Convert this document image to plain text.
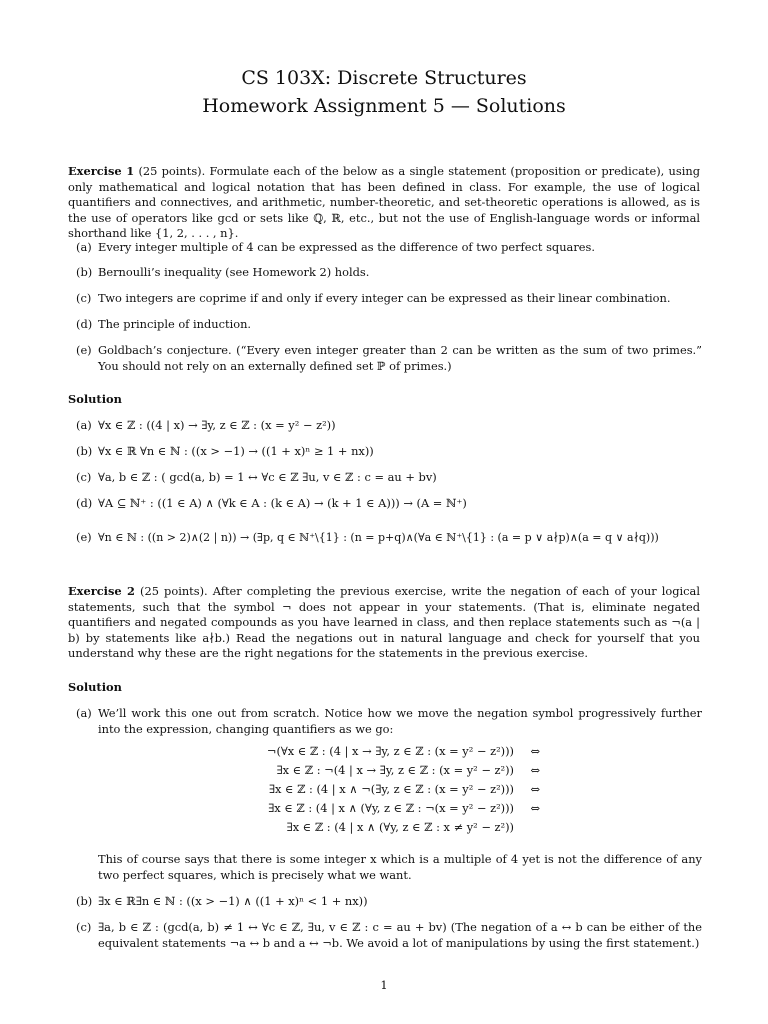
CS 103X: Discrete Structures
Homework Assignment 5 — Solutions

Exercise 1 (25 points). Formulate each of the below as a single statement (proposition or predicate), using only mathematical and logical notation that has been defined in class. For example, the use of logical quantifiers and connectives, and arithmetic, number-theoretic, and set-theoretic operations is allowed, as is the use of operators like gcd or sets like ℚ, ℝ, etc., but not the use of English-language words or informal shorthand like {1, 2, . . . , n}.

(a) Every integer multiple of 4 can be expressed as the difference of two perfect squares.
(b) Bernoulli’s inequality (see Homework 2) holds.
(c) Two integers are coprime if and only if every integer can be expressed as their linear combination.
(d) The principle of induction.
(e) Goldbach’s conjecture. (“Every even integer greater than 2 can be written as the sum of two primes.” You should not rely on an externally defined set ℙ of primes.)
Solution
(a) ∀x ∈ ℤ : ((4 | x) → ∃y, z ∈ ℤ : (x = y² − z²))
(b) ∀x ∈ ℝ ∀n ∈ ℕ : ((x > −1) → ((1 + x)ⁿ ≥ 1 + nx))
(c) ∀a, b ∈ ℤ : ( gcd(a, b) = 1 ↔ ∀c ∈ ℤ ∃u, v ∈ ℤ : c = au + bv)
(d) ∀A ⊆ ℕ⁺ : ((1 ∈ A) ∧ (∀k ∈ A : (k ∈ A) → (k + 1 ∈ A))) → (A = ℕ⁺)
(e) ∀n ∈ ℕ : ((n > 2)∧(2 | n)) → (∃p, q ∈ ℕ⁺\{1} : (n = p+q)∧(∀a ∈ ℕ⁺\{1} : (a = p ∨ a∤p)∧(a = q ∨ a∤q)))

Exercise 2 (25 points). After completing the previous exercise, write the negation of each of your logical statements, such that the symbol ¬ does not appear in your statements. (That is, eliminate negated quantifiers and negated compounds as you have learned in class, and then replace statements such as ¬(a | b) by statements like a∤b.) Read the negations out in natural language and check for yourself that you understand why these are the right negations for the statements in the previous exercise.

Solution
(a) We’ll work this one out from scratch. Notice how we move the negation symbol progressively further into the expression, changing quantifiers as we go:
¬(∀x ∈ ℤ : (4 | x → ∃y, z ∈ ℤ : (x = y² − z²)))	⇔
∃x ∈ ℤ : ¬(4 | x → ∃y, z ∈ ℤ : (x = y² − z²))	⇔
∃x ∈ ℤ : (4 | x ∧ ¬(∃y, z ∈ ℤ : (x = y² − z²)))	⇔
∃x ∈ ℤ : (4 | x ∧ (∀y, z ∈ ℤ : ¬(x = y² − z²)))	⇔
∃x ∈ ℤ : (4 | x ∧ (∀y, z ∈ ℤ : x ≠ y² − z²))

This of course says that there is some integer x which is a multiple of 4 yet is not the difference of any two perfect squares, which is precisely what we want.

(b) ∃x ∈ ℝ∃n ∈ ℕ : ((x > −1) ∧ ((1 + x)ⁿ < 1 + nx))
(c) ∃a, b ∈ ℤ : (gcd(a, b) ≠ 1 ↔ ∀c ∈ ℤ, ∃u, v ∈ ℤ : c = au + bv) (The negation of a ↔ b can be either of the equivalent statements ¬a ↔ b and a ↔ ¬b. We avoid a lot of manipulations by using the first statement.)
1
